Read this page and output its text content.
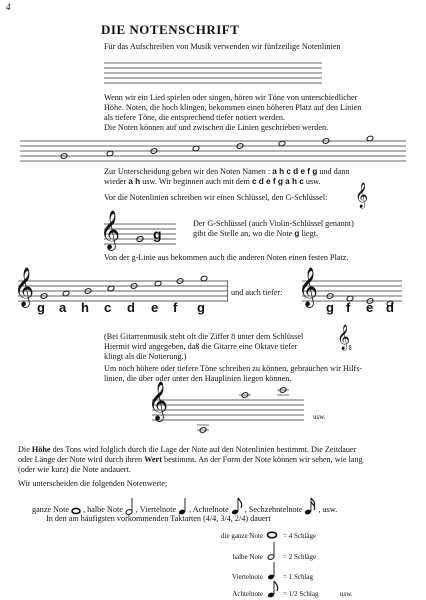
4
DIE NOTENSCHRIFT
Für das Aufschreiben von Musik verwenden wir fünfzeilige Notenlinien
Wenn wir ein Lied spielen oder singen, hören wir Töne von unterschiedlicher
Höhe. Noten, die hoch klingen, bekommen einen höheren Platz auf den Linien
als tiefere Töne, die entsprechend tiefer notiert werden.
Die Noten können auf und zwischen die Linien geschrieben werden.
Zur Unterscheidung geben wir den Noten Namen : a h c d e f g und dann
wieder a h usw. Wir beginnen auch mit dem c d e f g a h c usw.
Vor die Notenlinien schreiben wir einen Schlüssel, den G-Schlüssel: 𝄞
𝄞 g
Der G-Schlüssel (auch Violin-Schlüssel genannt)
gibt die Stelle an, wo die Note g liegt.
Von der g-Linie aus bekommen auch die anderen Noten einen festen Platz.
𝄞
g a h c d e f g
und auch tiefer: 𝄞
g f e d
(Bei Gitarrenmusik steht oft die Ziffer 8 unter dem Schlüssel
Hiermit wird angegeben, daß die Gitarre eine Oktave tiefer
klingt als die Notierung.)
𝄠
Um noch höhere oder tiefere Töne schreiben zu können, gebrauchen wir Hilfs-
linien, die über oder unter den Hauplinien liegen können.
𝄞	usw.
Die Höhe des Tons wird folglich durch die Lage der Note auf den Notenlinien bestimmt. Die Zeitdauer
oder Länge der Note wird durch ihren Wert bestimmt. An der Form der Note können wir sehen, wie lang
(oder wie kurz) die Note andauert.
Wir unterscheiden die folgenden Notenwerte;
ganze Note , halbe Note , Viertelnote , Achtelnote , Sechzehntelnote , usw.
In den am häufigsten vorkommenden Taktarten (4/4, 3/4, 2/4) dauert
die ganze Note	= 4 Schläge
halbe Note	= 2 Schläge
Viertelnote	= 1 Schlag
Achtelnote	= 1/2 Schlag	usw.
